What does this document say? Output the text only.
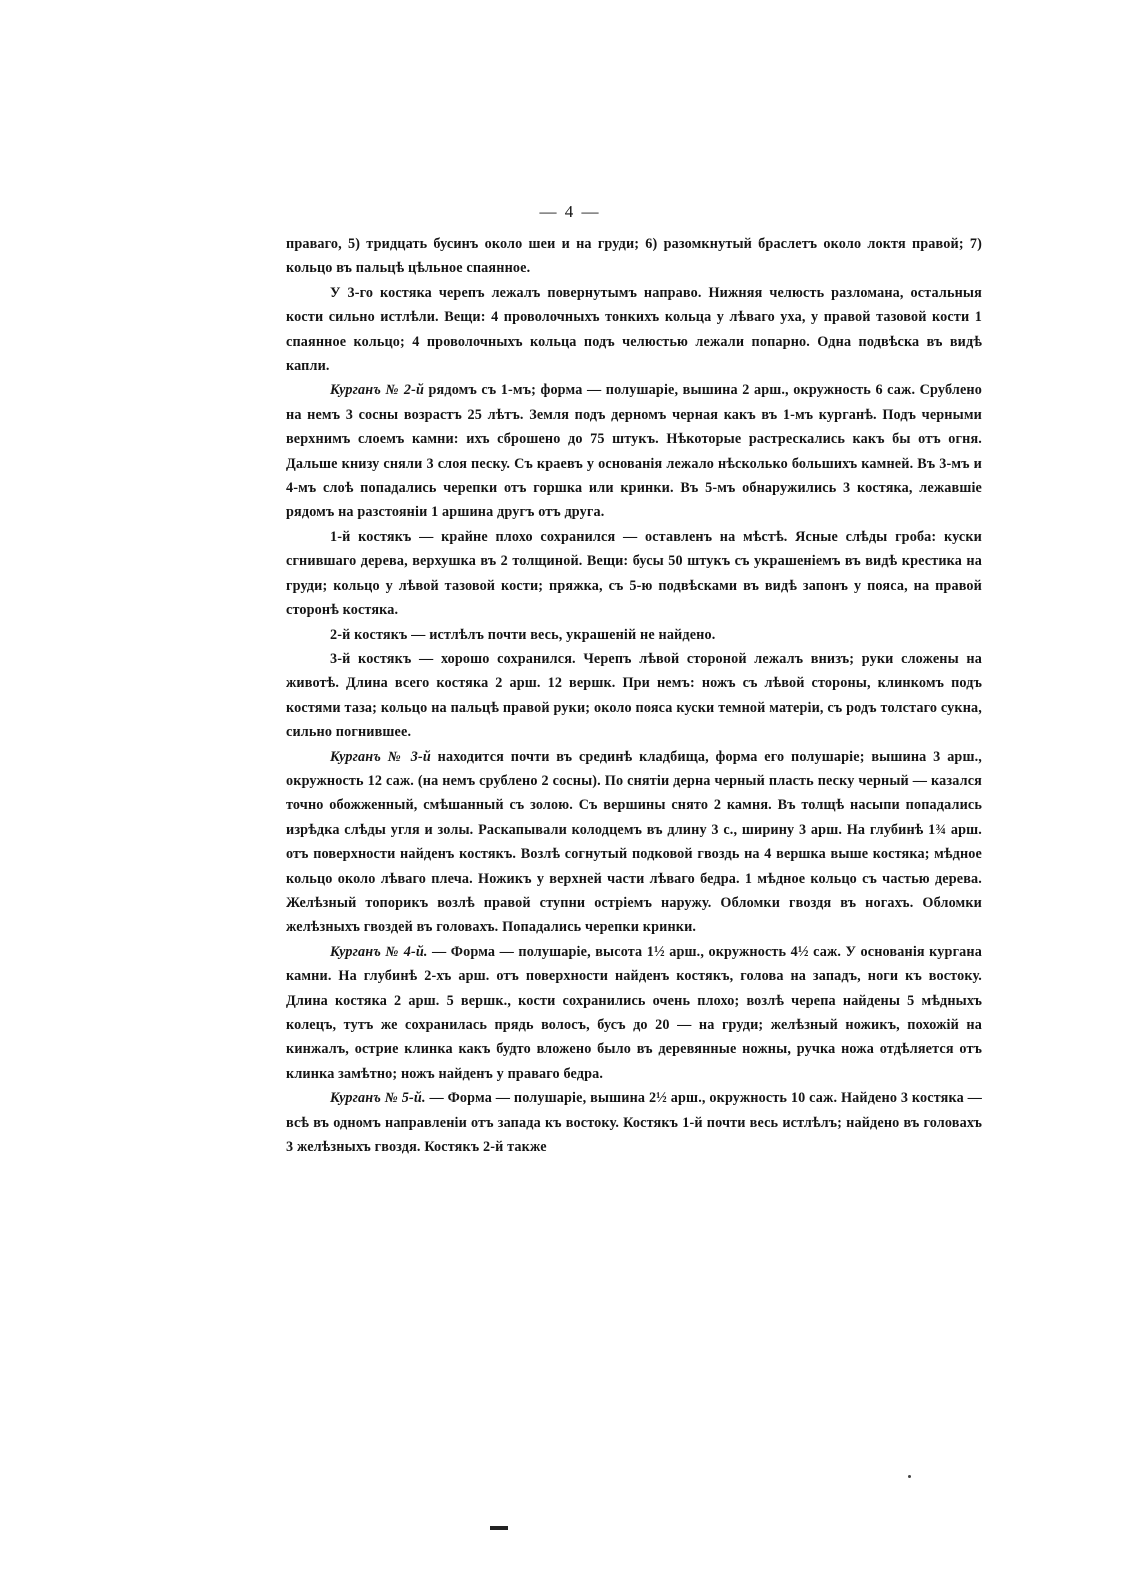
— 4 —

праваго, 5) тридцать бусинъ около шеи и на груди; 6) разомкнутый браслетъ около локтя правой; 7) кольцо въ пальцѣ цѣльное спаянное.

У 3-го костяка черепъ лежалъ повернутымъ направо. Нижняя челюсть разломана, остальныя кости сильно истлѣли. Вещи: 4 проволочныхъ тонкихъ кольца у лѣваго уха, у правой тазовой кости 1 спаянное кольцо; 4 проволочныхъ кольца подъ челюстью лежали попарно. Одна подвѣска въ видѣ капли.

Курганъ № 2-й рядомъ съ 1-мъ; форма — полушаріе, вышина 2 арш., окружность 6 саж. Срублено на немъ 3 сосны возрастъ 25 лѣтъ. Земля подъ дерномъ черная какъ въ 1-мъ курганѣ. Подъ черными верхнимъ слоемъ камни: ихъ сброшено до 75 штукъ. Нѣкоторые растрескались какъ бы отъ огня. Дальше книзу сняли 3 слоя песку. Съ краевъ у основанія лежало нѣсколько большихъ камней. Въ 3-мъ и 4-мъ слоѣ попадались черепки отъ горшка или кринки. Въ 5-мъ обнаружились 3 костяка, лежавшіе рядомъ на разстояніи 1 аршина другъ отъ друга.

1-й костякъ — крайне плохо сохранился — оставленъ на мѣстѣ. Ясные слѣды гроба: куски сгнившаго дерева, верхушка въ 2 толщиной. Вещи: бусы 50 штукъ съ украшеніемъ въ видѣ крестика на груди; кольцо у лѣвой тазовой кости; пряжка, съ 5-ю подвѣсками въ видѣ запонъ у пояса, на правой сторонѣ костяка.

2-й костякъ — истлѣлъ почти весь, украшеній не найдено.

3-й костякъ — хорошо сохранился. Черепъ лѣвой стороной лежалъ внизъ; руки сложены на животѣ. Длина всего костяка 2 арш. 12 вершк. При немъ: ножъ съ лѣвой стороны, клинкомъ подъ костями таза; кольцо на пальцѣ правой руки; около пояса куски темной матеріи, съ родъ толстаго сукна, сильно погнившее.

Курганъ № 3-й находится почти въ срединѣ кладбища, форма его полушаріе; вышина 3 арш., окружность 12 саж. (на немъ срублено 2 сосны). По снятіи дерна черный пласть песку черный — казался точно обожженный, смѣшанный съ золою. Съ вершины снято 2 камня. Въ толщѣ насыпи попадались изрѣдка слѣды угля и золы. Раскапывали колодцемъ въ длину 3 с., ширину 3 арш. На глубинѣ 1¾ арш. отъ поверхности найденъ костякъ. Возлѣ согнутый подковой гвоздь на 4 вершка выше костяка; мѣдное кольцо около лѣваго плеча. Ножикъ у верхней части лѣваго бедра. 1 мѣдное кольцо съ частью дерева. Желѣзный топорикъ возлѣ правой ступни остріемъ наружу. Обломки гвоздя въ ногахъ. Обломки желѣзныхъ гвоздей въ головахъ. Попадались черепки кринки.

Курганъ № 4-й. — Форма — полушаріе, высота 1½ арш., окружность 4½ саж. У основанія кургана камни. На глубинѣ 2-хъ арш. отъ поверхности найденъ костякъ, голова на западъ, ноги къ востоку. Длина костяка 2 арш. 5 вершк., кости сохранились очень плохо; возлѣ черепа найдены 5 мѣдныхъ колецъ, тутъ же сохранилась прядь волосъ, бусъ до 20 — на груди; желѣзный ножикъ, похожій на кинжалъ, острие клинка какъ будто вложено было въ деревянные ножны, ручка ножа отдѣляется отъ клинка замѣтно; ножъ найденъ у праваго бедра.

Курганъ № 5-й. — Форма — полушаріе, вышина 2½ арш., окружность 10 саж. Найдено 3 костяка — всѣ въ одномъ направленіи отъ запада къ востоку. Костякъ 1-й почти весь истлѣлъ; найдено въ головахъ 3 желѣзныхъ гвоздя. Костякъ 2-й также
